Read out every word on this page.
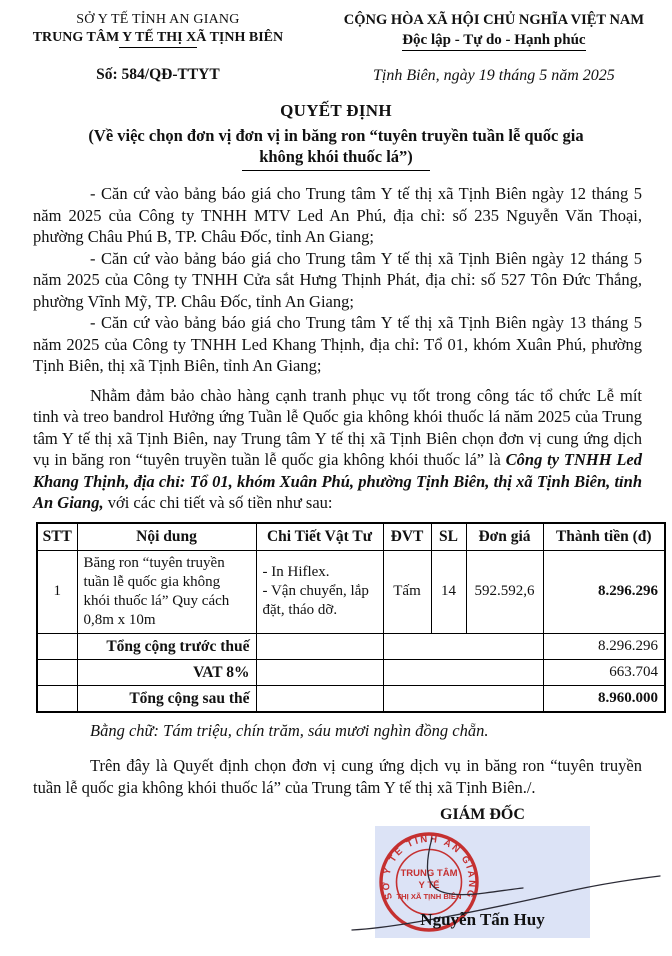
SỞ Y TẾ TỈNH AN GIANG
TRUNG TÂM Y TẾ THỊ XÃ TỊNH BIÊN
Số: 584/QĐ-TTYT
CỘNG HÒA XÃ HỘI CHỦ NGHĨA VIỆT NAM
Độc lập - Tự do - Hạnh phúc
Tịnh Biên, ngày 19 tháng 5 năm 2025
QUYẾT ĐỊNH
(Về việc chọn đơn vị đơn vị in băng ron “tuyên truyền tuần lễ quốc gia
không khói thuốc lá”)

- Căn cứ vào bảng báo giá cho Trung tâm Y tế thị xã Tịnh Biên ngày 12 tháng 5 năm 2025 của Công ty TNHH MTV Led An Phú, địa chỉ: số 235 Nguyễn Văn Thoại, phường Châu Phú B, TP. Châu Đốc, tỉnh An Giang;

- Căn cứ vào bảng báo giá cho Trung tâm Y tế thị xã Tịnh Biên ngày 12 tháng 5 năm 2025 của Công ty TNHH Cửa sắt Hưng Thịnh Phát, địa chỉ: số 527 Tôn Đức Thắng, phường Vĩnh Mỹ, TP. Châu Đốc, tỉnh An Giang;

- Căn cứ vào bảng báo giá cho Trung tâm Y tế thị xã Tịnh Biên ngày 13 tháng 5 năm 2025 của Công ty TNHH Led Khang Thịnh, địa chỉ: Tổ 01, khóm Xuân Phú, phường Tịnh Biên, thị xã Tịnh Biên, tỉnh An Giang;

Nhằm đảm bảo chào hàng cạnh tranh phục vụ tốt trong công tác tổ chức Lễ mít tinh và treo bandrol Hưởng ứng Tuần lễ Quốc gia không khói thuốc lá năm 2025 của Trung tâm Y tế thị xã Tịnh Biên, nay Trung tâm Y tế thị xã Tịnh Biên chọn đơn vị cung ứng dịch vụ in băng ron “tuyên truyền tuần lễ quốc gia không khói thuốc lá” là Công ty TNHH Led Khang Thịnh, địa chỉ: Tổ 01, khóm Xuân Phú, phường Tịnh Biên, thị xã Tịnh Biên, tỉnh An Giang, với các chi tiết và số tiền như sau:

STT	Nội dung	Chi Tiết Vật Tư	ĐVT	SL	Đơn giá	Thành tiền (đ)
1	Băng ron “tuyên truyền tuần lễ quốc gia không khói thuốc lá” Quy cách 0,8m x 10m	- In Hiflex.
- Vận chuyển, lắp đặt, tháo dỡ.	Tấm	14	592.592,6	8.296.296
	Tổng cộng trước thuế					8.296.296
	VAT 8%					663.704
	Tổng cộng sau thế					8.960.000

Bằng chữ: Tám triệu, chín trăm, sáu mươi nghìn đồng chẵn.

Trên đây là Quyết định chọn đơn vị cung ứng dịch vụ in băng ron “tuyên truyền tuần lễ quốc gia không khói thuốc lá” của Trung tâm Y tế thị xã Tịnh Biên./.

GIÁM ĐỐC
SỞ Y TẾ TỈNH AN GIANG
TRUNG TÂM
Y TẾ
THỊ XÃ TỊNH BIÊN
Nguyễn Tấn Huy
